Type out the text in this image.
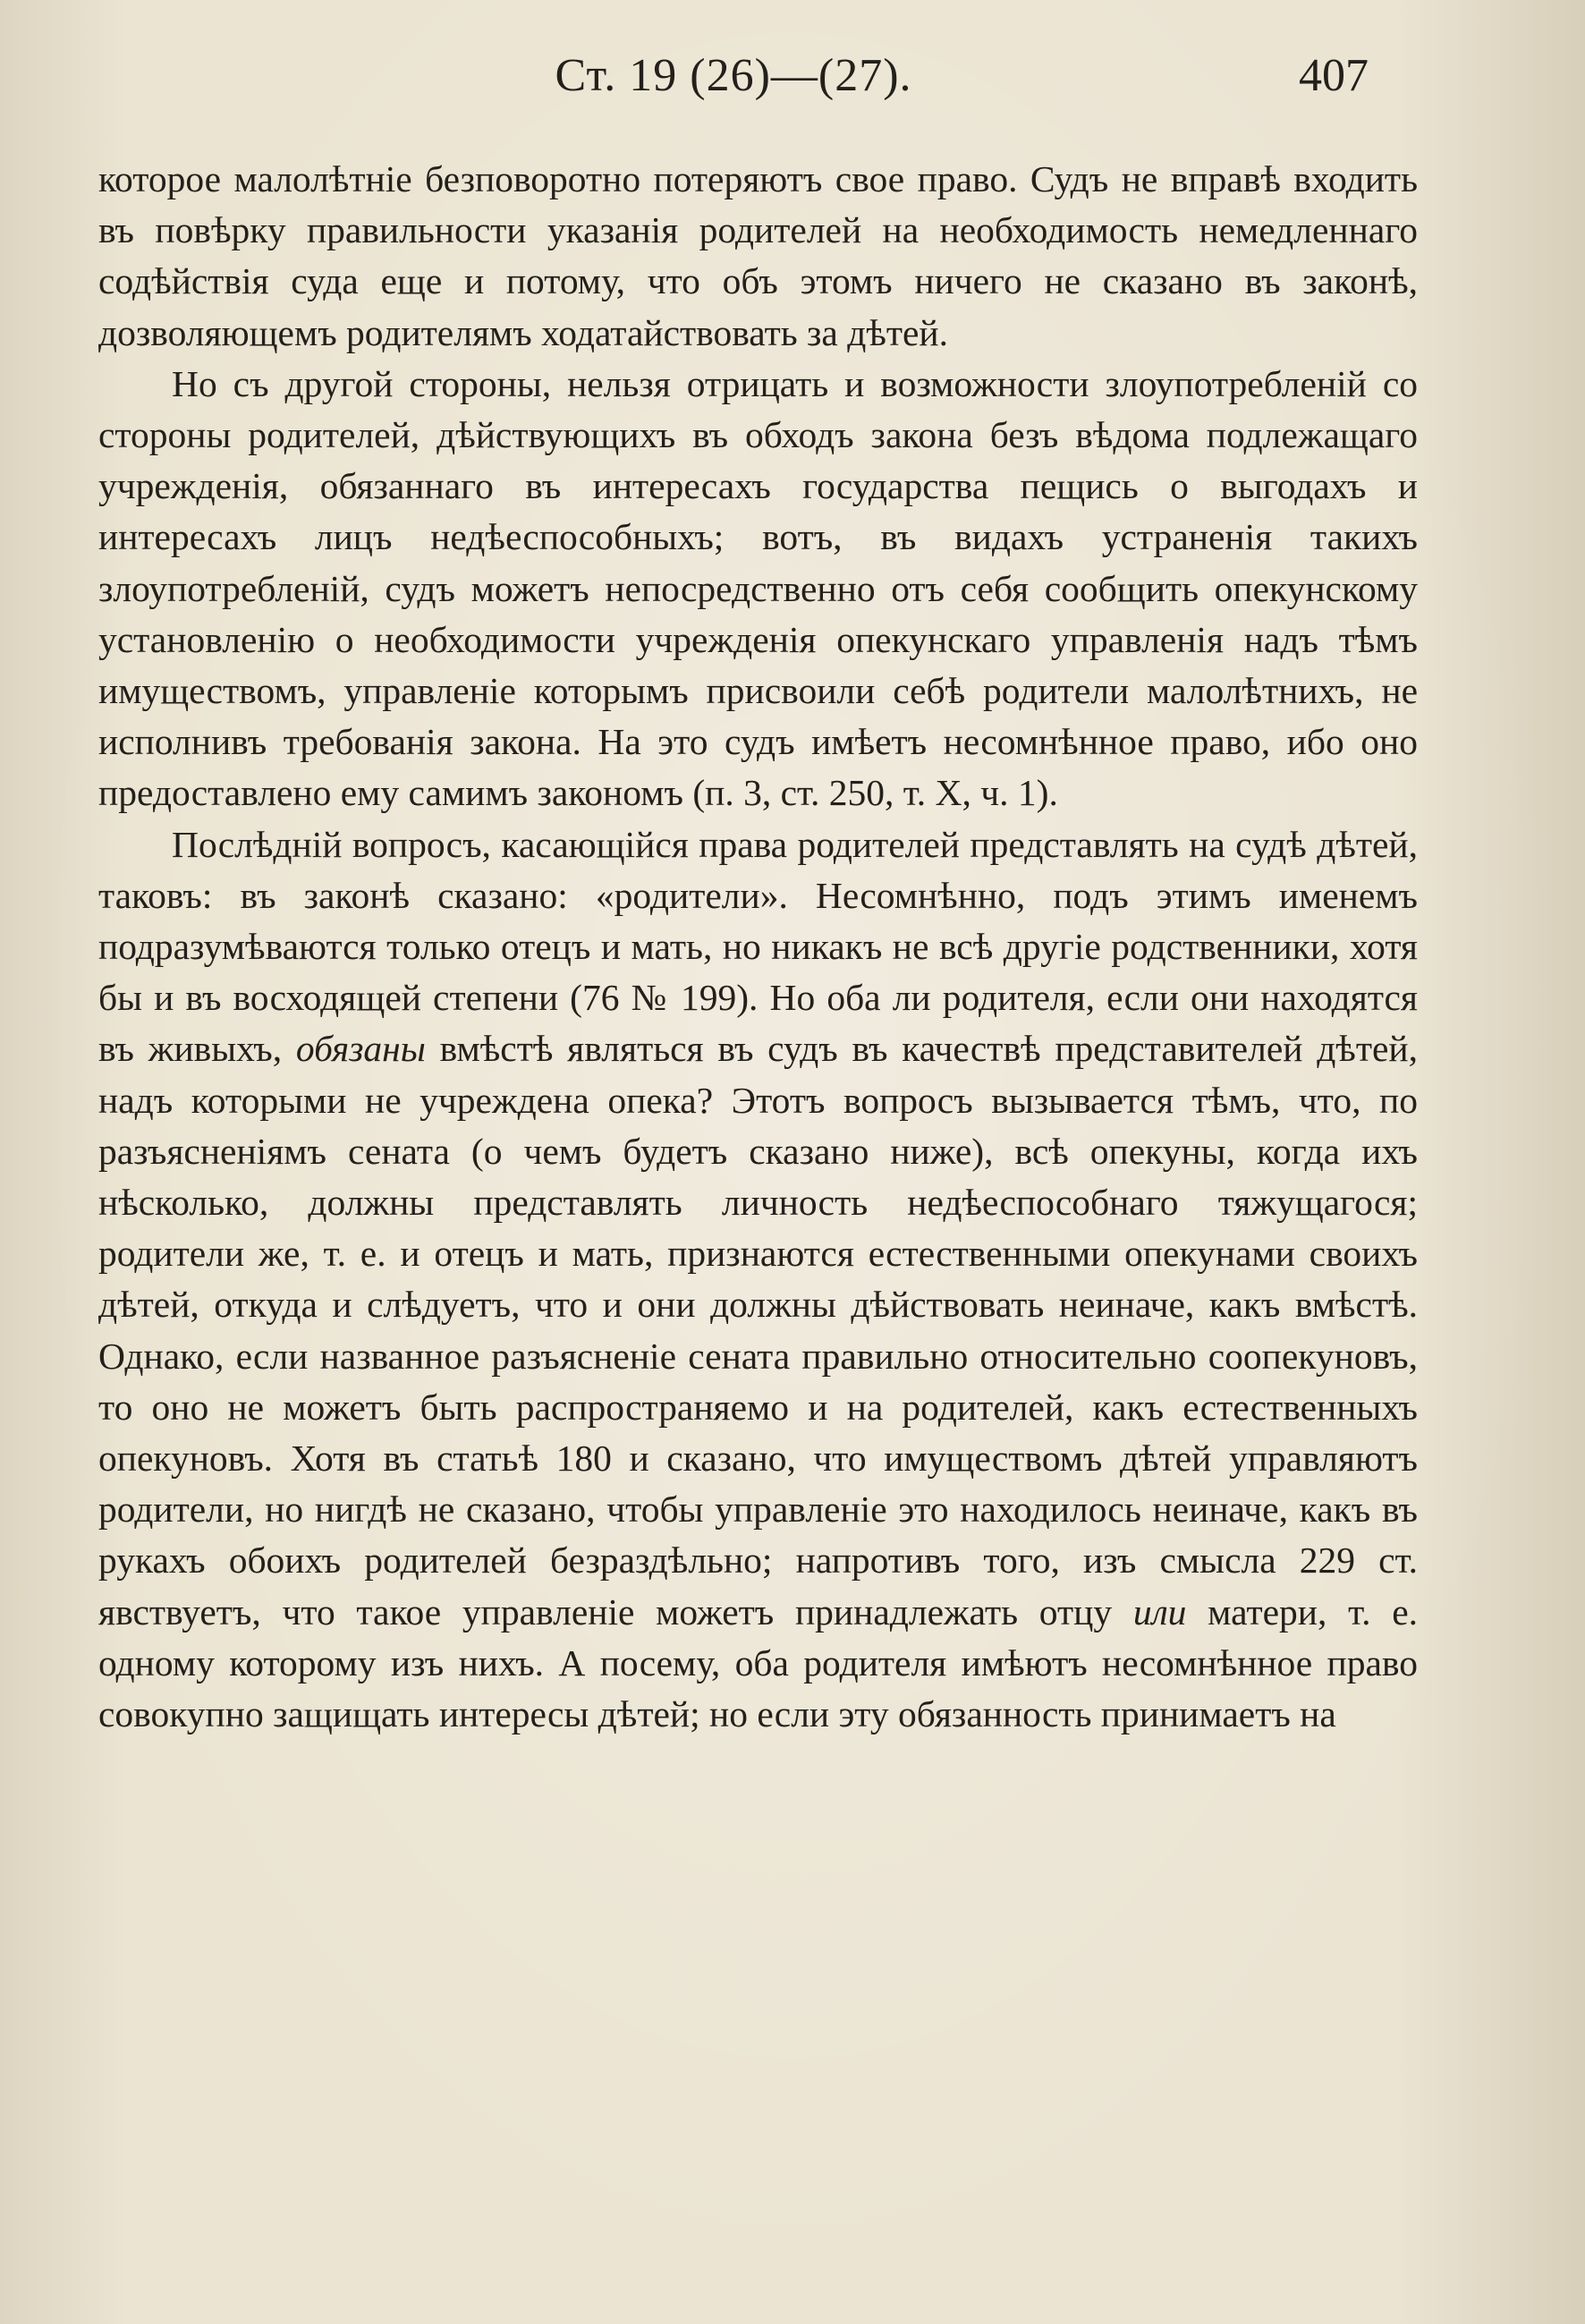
Ст. 19 (26)—(27).	407

которое малолѣтніе безповоротно потеряютъ свое право. Судъ не вправѣ входить въ повѣрку правильности указанія родителей на необходимость немедленнаго содѣйствія суда еще и потому, что объ этомъ ничего не сказано въ законѣ, дозволяющемъ родителямъ ходатайствовать за дѣтей.

Но съ другой стороны, нельзя отрицать и возможности злоупотребленій со стороны родителей, дѣйствующихъ въ обходъ закона безъ вѣдома подлежащаго учрежденія, обязаннаго въ интересахъ государства пещись о выгодахъ и интересахъ лицъ недѣеспособныхъ; вотъ, въ видахъ устраненія такихъ злоупотребленій, судъ можетъ непосредственно отъ себя сообщить опекунскому установленію о необходимости учрежденія опекунскаго управленія надъ тѣмъ имуществомъ, управленіе которымъ присвоили себѣ родители малолѣтнихъ, не исполнивъ требованія закона. На это судъ имѣетъ несомнѣнное право, ибо оно предоставлено ему самимъ закономъ (п. 3, ст. 250, т. X, ч. 1).

Послѣдній вопросъ, касающійся права родителей представлять на судѣ дѣтей, таковъ: въ законѣ сказано: «родители». Несомнѣнно, подъ этимъ именемъ подразумѣваются только отецъ и мать, но никакъ не всѣ другіе родственники, хотя бы и въ восходящей степени (76 № 199). Но оба ли родителя, если они находятся въ живыхъ, обязаны вмѣстѣ являться въ судъ въ качествѣ представителей дѣтей, надъ которыми не учреждена опека? Этотъ вопросъ вызывается тѣмъ, что, по разъясненіямъ сената (о чемъ будетъ сказано ниже), всѣ опекуны, когда ихъ нѣсколько, должны представлять личность недѣеспособнаго тяжущагося; родители же, т. е. и отецъ и мать, признаются естественными опекунами своихъ дѣтей, откуда и слѣдуетъ, что и они должны дѣйствовать неиначе, какъ вмѣстѣ. Однако, если названное разъясненіе сената правильно относительно соопекуновъ, то оно не можетъ быть распространяемо и на родителей, какъ естественныхъ опекуновъ. Хотя въ статьѣ 180 и сказано, что имуществомъ дѣтей управляютъ родители, но нигдѣ не сказано, чтобы управленіе это находилось неиначе, какъ въ рукахъ обоихъ родителей безраздѣльно; напротивъ того, изъ смысла 229 ст. явствуетъ, что такое управленіе можетъ принадлежать отцу или матери, т. е. одному которому изъ нихъ. А посему, оба родителя имѣютъ несомнѣнное право совокупно защищать интересы дѣтей; но если эту обязанность принимаетъ на
